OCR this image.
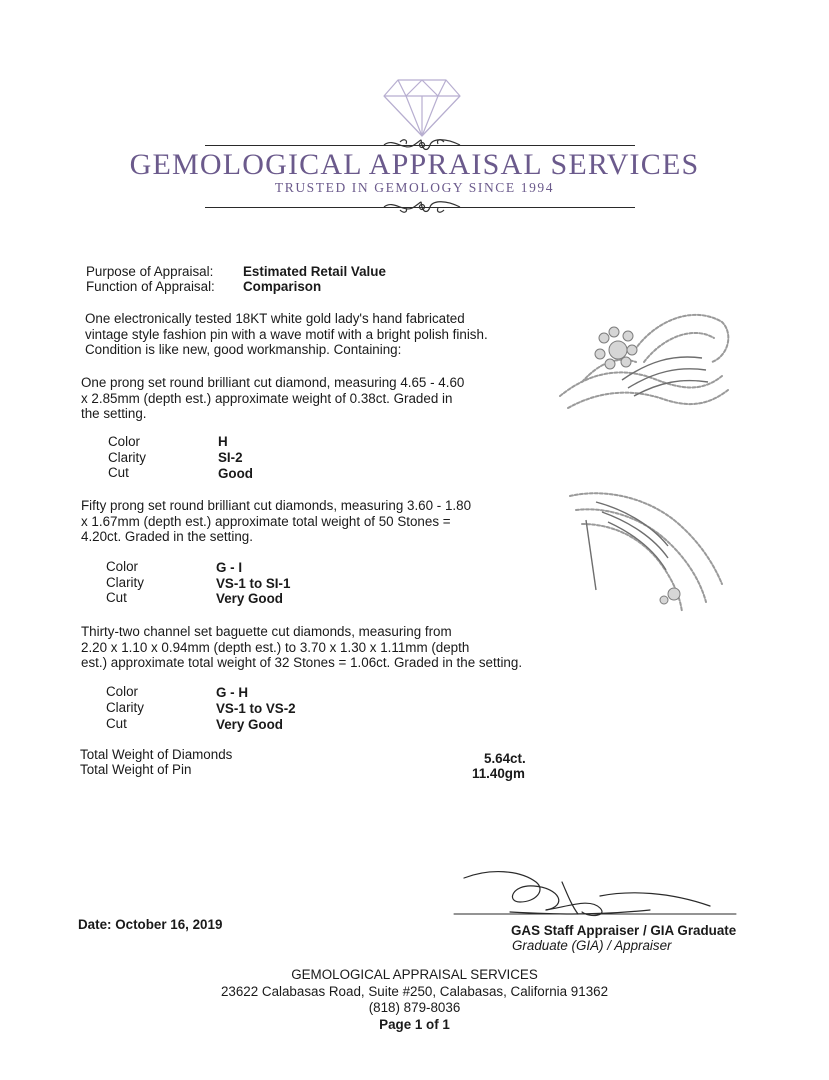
GEMOLOGICAL APPRAISAL SERVICES
TRUSTED IN GEMOLOGY SINCE 1994
Purpose of Appraisal: Estimated Retail Value
Function of Appraisal: Comparison
One electronically tested 18KT white gold lady's hand fabricated
vintage style fashion pin with a wave motif with a bright polish finish.
Condition is like new, good workmanship. Containing:
One prong set round brilliant cut diamond, measuring 4.65 - 4.60
x 2.85mm (depth est.) approximate weight of 0.38ct. Graded in
the setting.
Color	H
Clarity	SI-2
Cut	Good
Fifty prong set round brilliant cut diamonds, measuring 3.60 - 1.80
x 1.67mm (depth est.) approximate total weight of 50 Stones =
4.20ct. Graded in the setting.
Color	G - I
Clarity	VS-1 to SI-1
Cut	Very Good
Thirty-two channel set baguette cut diamonds, measuring from
2.20 x 1.10 x 0.94mm (depth est.) to 3.70 x 1.30 x 1.11mm (depth
est.) approximate total weight of 32 Stones = 1.06ct. Graded in the setting.
Color	G - H
Clarity	VS-1 to VS-2
Cut	Very Good
Total Weight of Diamonds	5.64ct.
Total Weight of Pin	11.40gm
Date: October 16, 2019	GAS Staff Appraiser / GIA Graduate
Graduate (GIA) / Appraiser
GEMOLOGICAL APPRAISAL SERVICES
23622 Calabasas Road, Suite #250, Calabasas, California 91362
(818) 879-8036
Page 1 of 1
